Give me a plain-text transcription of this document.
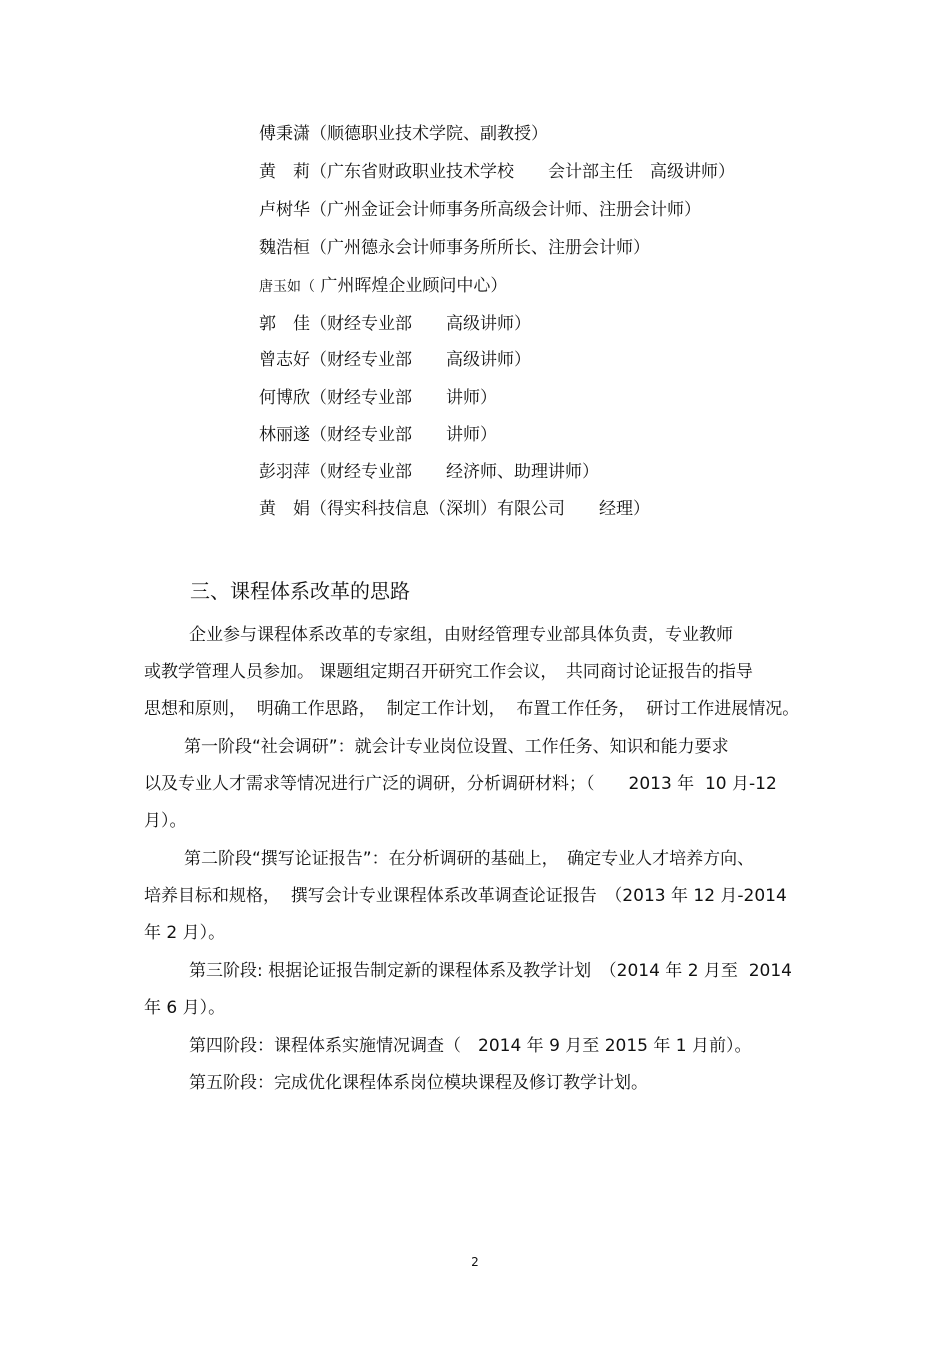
傅秉潇（顺德职业技术学院、副教授）
黄　莉（广东省财政职业技术学校　　会计部主任　高级讲师）
卢树华（广州金证会计师事务所高级会计师、注册会计师）
魏浩桓（广州德永会计师事务所所长、注册会计师）
唐玉如（ 广州晖煌企业顾问中心）
郭　佳（财经专业部　　高级讲师）
曾志好（财经专业部　　高级讲师）
何博欣（财经专业部　　讲师）
林丽遂（财经专业部　　讲师）
彭羽萍（财经专业部　　经济师、助理讲师）
黄　娟（得实科技信息（深圳）有限公司　　经理）
三、课程体系改革的思路
企业参与课程体系改革的专家组，由财经管理专业部具体负责，专业教师
或教学管理人员参加。 课题组定期召开研究工作会议，　共同商讨论证报告的指导
思想和原则，  明确工作思路，  制定工作计划，  布置工作任务，  研讨工作进展情况。
第一阶段“社会调研”：就会计专业岗位设置、工作任务、知识和能力要求
以及专业人才需求等情况进行广泛的调研，分析调研材料；（　　2013 年  10 月-12
月）。
第二阶段“撰写论证报告”：在分析调研的基础上，　确定专业人才培养方向、
培养目标和规格，  撰写会计专业课程体系改革调查论证报告　（2013 年 12 月-2014
年 2 月）。
第三阶段: 根据论证报告制定新的课程体系及教学计划　（2014 年 2 月至  2014
年 6 月）。
第四阶段：课程体系实施情况调查（　2014 年 9 月至 2015 年 1 月前）。
第五阶段：完成优化课程体系岗位模块课程及修订教学计划。
2
